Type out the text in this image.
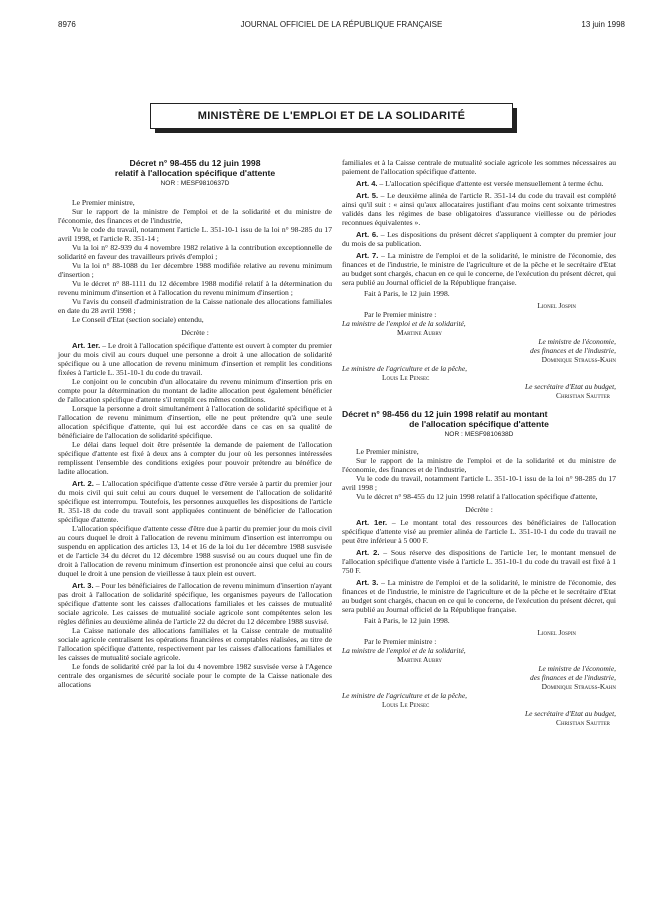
8976	JOURNAL OFFICIEL DE LA RÉPUBLIQUE FRANÇAISE	13 juin 1998
MINISTÈRE DE L'EMPLOI ET DE LA SOLIDARITÉ
Décret n° 98-455 du 12 juin 1998
relatif à l'allocation spécifique d'attente
NOR : MESF9810637D

Le Premier ministre,

Sur le rapport de la ministre de l'emploi et de la solidarité et du ministre de l'économie, des finances et de l'industrie,

Vu le code du travail, notamment l'article L. 351-10-1 issu de la loi n° 98-285 du 17 avril 1998, et l'article R. 351-14 ;

Vu la loi n° 82-939 du 4 novembre 1982 relative à la contribution exceptionnelle de solidarité en faveur des travailleurs privés d'emploi ;

Vu la loi n° 88-1088 du 1er décembre 1988 modifiée relative au revenu minimum d'insertion ;

Vu le décret n° 88-1111 du 12 décembre 1988 modifié relatif à la détermination du revenu minimum d'insertion et à l'allocation du revenu minimum d'insertion ;

Vu l'avis du conseil d'administration de la Caisse nationale des allocations familiales en date du 28 avril 1998 ;

Le Conseil d'Etat (section sociale) entendu,

Décrète :

Art. 1er. – Le droit à l'allocation spécifique d'attente est ouvert à compter du premier jour du mois civil au cours duquel une personne a droit à une allocation de solidarité spécifique ou à une allocation de revenu minimum d'insertion et remplit les conditions fixées à l'article L. 351-10-1 du code du travail.

Le conjoint ou le concubin d'un allocataire du revenu minimum d'insertion pris en compte pour la détermination du montant de ladite allocation peut également bénéficier de l'allocation spécifique d'attente s'il remplit ces mêmes conditions.

Lorsque la personne a droit simultanément à l'allocation de solidarité spécifique et à l'allocation de revenu minimum d'insertion, elle ne peut prétendre qu'à une seule allocation spécifique d'attente, qui lui est accordée dans ce cas en sa qualité de bénéficiaire de l'allocation de solidarité spécifique.

Le délai dans lequel doit être présentée la demande de paiement de l'allocation spécifique d'attente est fixé à deux ans à compter du jour où les personnes intéressées remplissent l'ensemble des conditions exigées pour pouvoir prétendre au bénéfice de ladite allocation.

Art. 2. – L'allocation spécifique d'attente cesse d'être versée à partir du premier jour du mois civil qui suit celui au cours duquel le versement de l'allocation de solidarité spécifique est interrompu. Toutefois, les personnes auxquelles les dispositions de l'article R. 351-18 du code du travail sont appliquées continuent de bénéficier de l'allocation spécifique d'attente.

L'allocation spécifique d'attente cesse d'être due à partir du premier jour du mois civil au cours duquel le droit à l'allocation de revenu minimum d'insertion est interrompu ou suspendu en application des articles 13, 14 et 16 de la loi du 1er décembre 1988 susvisée et de l'article 34 du décret du 12 décembre 1988 susvisé ou au cours duquel une fin de droit à l'allocation de revenu minimum d'insertion est prononcée ainsi que celui au cours duquel le droit à une pension de vieillesse à taux plein est ouvert.

Art. 3. – Pour les bénéficiaires de l'allocation de revenu minimum d'insertion n'ayant pas droit à l'allocation de solidarité spécifique, les organismes payeurs de l'allocation spécifique d'attente sont les caisses d'allocations familiales et les caisses de mutualité sociale agricole. Les caisses de mutualité sociale agricole sont compétentes selon les règles définies au deuxième alinéa de l'article 22 du décret du 12 décembre 1988 susvisé.

La Caisse nationale des allocations familiales et la Caisse centrale de mutualité sociale agricole centralisent les opérations financières et comptables réalisées, au titre de l'allocation spécifique d'attente, respectivement par les caisses d'allocations familiales et les caisses de mutualité sociale agricole.

Le fonds de solidarité créé par la loi du 4 novembre 1982 susvisée verse à l'Agence centrale des organismes de sécurité sociale pour le compte de la Caisse nationale des allocations

familiales et à la Caisse centrale de mutualité sociale agricole les sommes nécessaires au paiement de l'allocation spécifique d'attente.

Art. 4. – L'allocation spécifique d'attente est versée mensuellement à terme échu.

Art. 5. – Le deuxième alinéa de l'article R. 351-14 du code du travail est complété ainsi qu'il suit : « ainsi qu'aux allocataires justifiant d'au moins cent soixante trimestres validés dans les régimes de base obligatoires d'assurance vieillesse ou de périodes reconnues équivalentes ».

Art. 6. – Les dispositions du présent décret s'appliquent à compter du premier jour du mois de sa publication.

Art. 7. – La ministre de l'emploi et de la solidarité, le ministre de l'économie, des finances et de l'industrie, le ministre de l'agriculture et de la pêche et le secrétaire d'Etat au budget sont chargés, chacun en ce qui le concerne, de l'exécution du présent décret, qui sera publié au Journal officiel de la République française.

Fait à Paris, le 12 juin 1998.

Lionel Jospin
Par le Premier ministre :
La ministre de l'emploi et de la solidarité,
Martine Aubry
Le ministre de l'économie,
des finances et de l'industrie,
Dominique Strauss-Kahn
Le ministre de l'agriculture et de la pêche,
Louis Le Pensec
Le secrétaire d'Etat au budget,
Christian Sautter
Décret n° 98-456 du 12 juin 1998 relatif au montant
de l'allocation spécifique d'attente
NOR : MESF9810638D

Le Premier ministre,

Sur le rapport de la ministre de l'emploi et de la solidarité et du ministre de l'économie, des finances et de l'industrie,

Vu le code du travail, notamment l'article L. 351-10-1 issu de la loi n° 98-285 du 17 avril 1998 ;

Vu le décret n° 98-455 du 12 juin 1998 relatif à l'allocation spécifique d'attente,

Décrète :

Art. 1er. – Le montant total des ressources des bénéficiaires de l'allocation spécifique d'attente visé au premier alinéa de l'article L. 351-10-1 du code du travail ne peut être inférieur à 5 000 F.

Art. 2. – Sous réserve des dispositions de l'article 1er, le montant mensuel de l'allocation spécifique d'attente visée à l'article L. 351-10-1 du code du travail est fixé à 1 750 F.

Art. 3. – La ministre de l'emploi et de la solidarité, le ministre de l'économie, des finances et de l'industrie, le ministre de l'agriculture et de la pêche et le secrétaire d'Etat au budget sont chargés, chacun en ce qui le concerne, de l'exécution du présent décret, qui sera publié au Journal officiel de la République française.

Fait à Paris, le 12 juin 1998.

Lionel Jospin
Par le Premier ministre :
La ministre de l'emploi et de la solidarité,
Martine Aubry
Le ministre de l'économie,
des finances et de l'industrie,
Dominique Strauss-Kahn
Le ministre de l'agriculture et de la pêche,
Louis Le Pensec
Le secrétaire d'Etat au budget,
Christian Sautter
